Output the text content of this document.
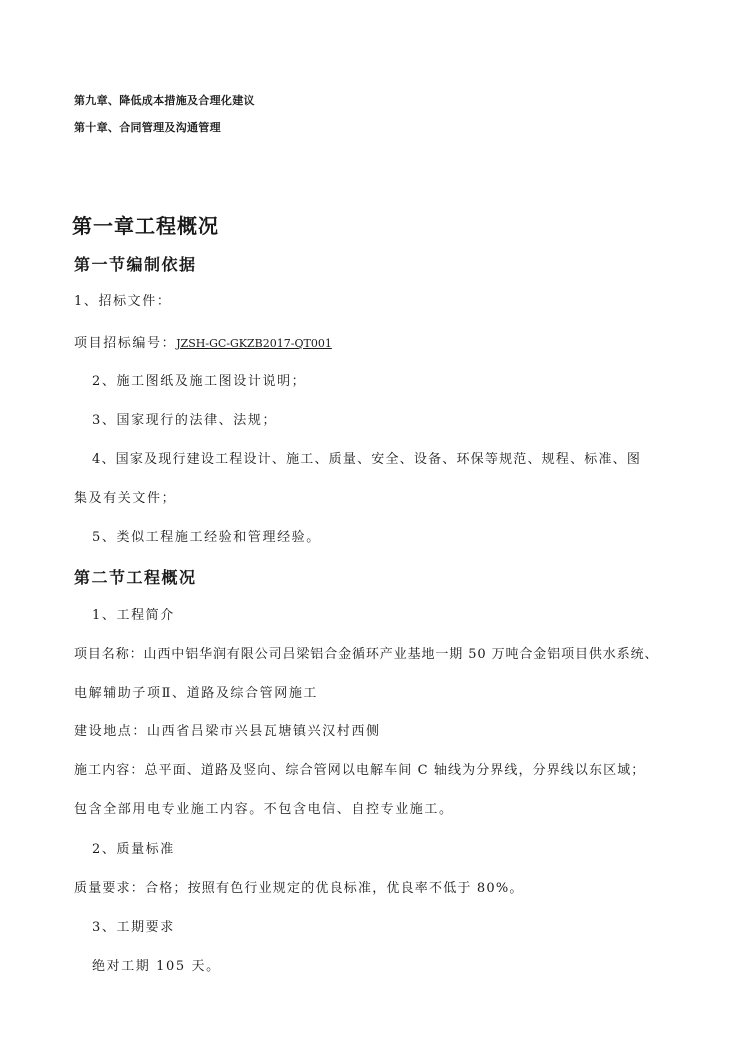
第九章、降低成本措施及合理化建议
第十章、合同管理及沟通管理
第一章工程概况
第一节编制依据
1、招标文件：
项目招标编号：JZSH-GC-GKZB2017-QT001
2、施工图纸及施工图设计说明；
3、国家现行的法律、法规；
4、国家及现行建设工程设计、施工、质量、安全、设备、环保等规范、规程、标准、图
集及有关文件；
5、类似工程施工经验和管理经验。
第二节工程概况
1、工程简介
项目名称：山西中铝华润有限公司吕梁铝合金循环产业基地一期 50 万吨合金铝项目供水系统、
电解辅助子项Ⅱ、道路及综合管网施工
建设地点：山西省吕梁市兴县瓦塘镇兴汉村西侧
施工内容：总平面、道路及竖向、综合管网以电解车间 C 轴线为分界线，分界线以东区域；
包含全部用电专业施工内容。不包含电信、自控专业施工。
2、质量标准
质量要求：合格；按照有色行业规定的优良标准，优良率不低于 80%。
3、工期要求
绝对工期 105 天。
